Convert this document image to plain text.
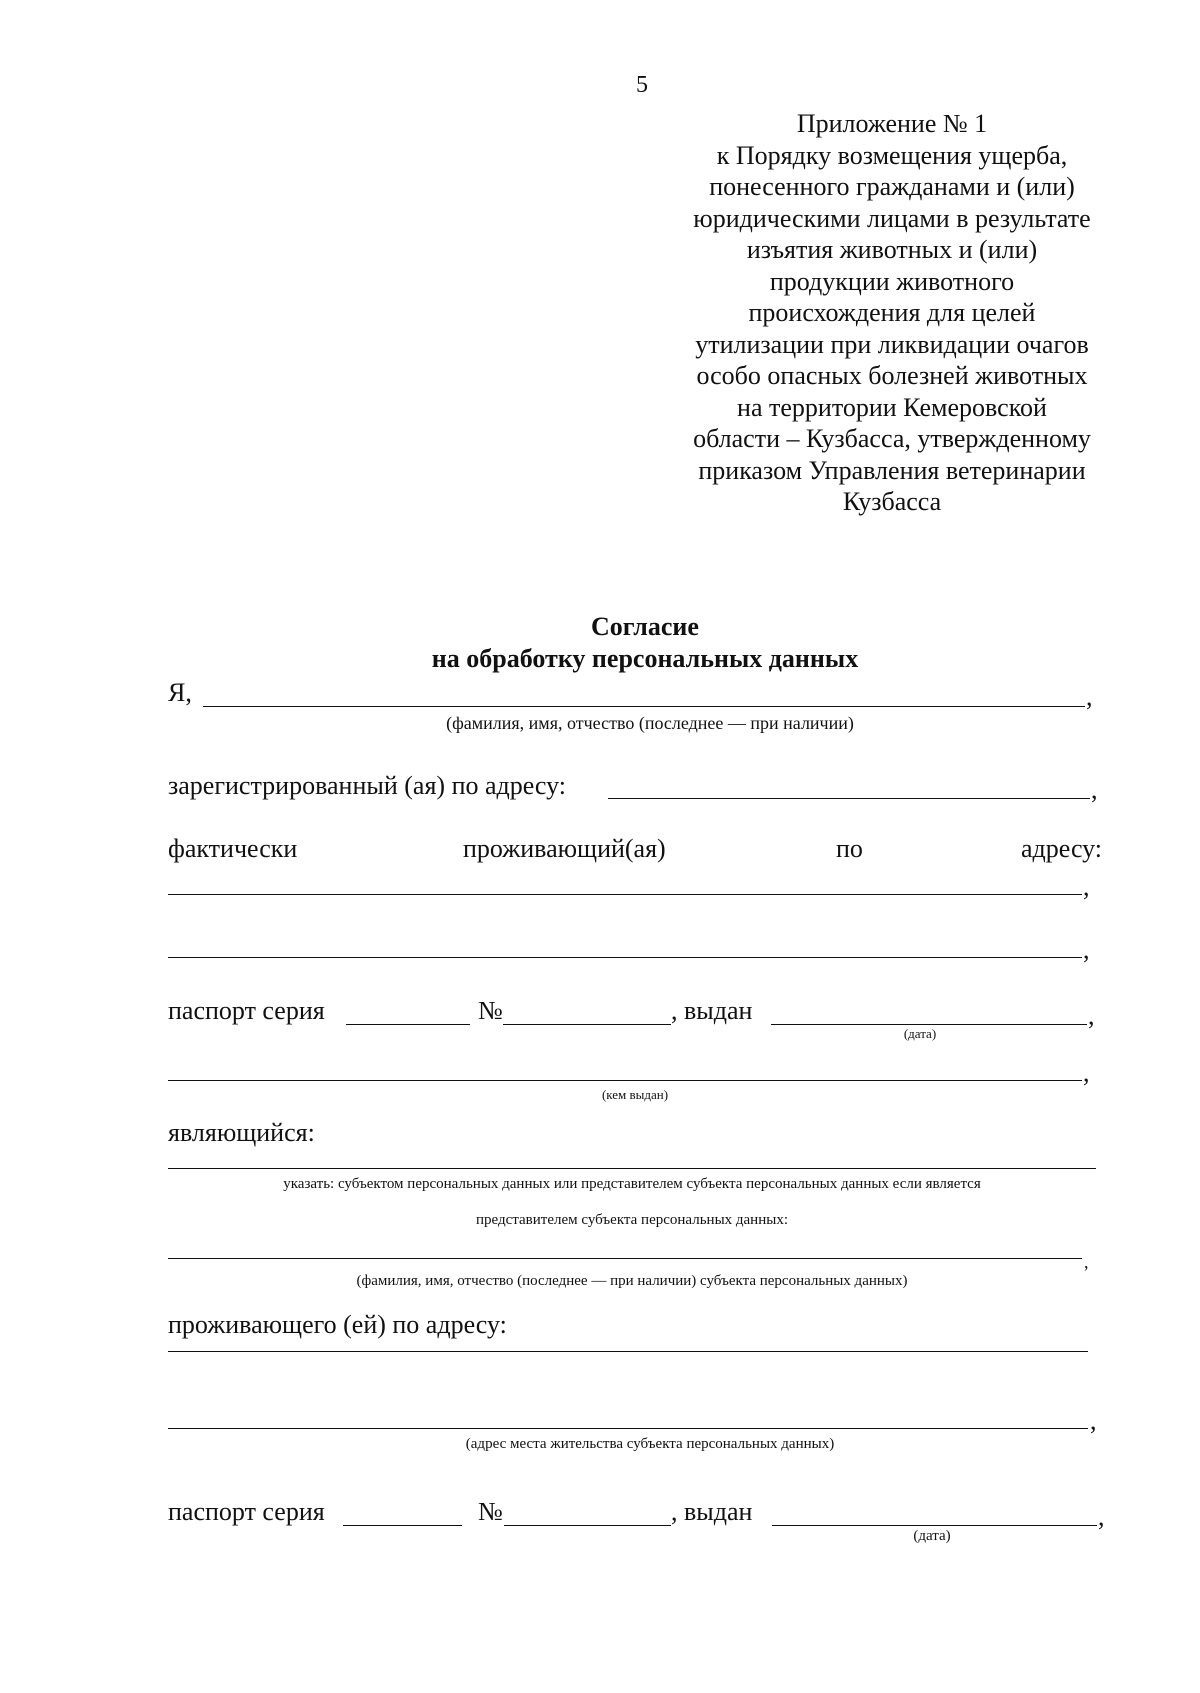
5
Приложение № 1
к Порядку возмещения ущерба,
понесенного гражданами и (или)
юридическими лицами в результате
изъятия животных и (или)
продукции животного
происхождения для целей
утилизации при ликвидации очагов
особо опасных болезней животных
на территории Кемеровской
области – Кузбасса, утвержденному
приказом Управления ветеринарии
Кузбасса
Согласие
на обработку персональных данных
Я,	,
(фамилия, имя, отчество (последнее — при наличии)
зарегистрированный (ая) по адресу:	,
фактически	проживающий(ая)	по	адресу:
,
,
паспорт серия	№	, выдан	,
(дата)
,
(кем выдан)
являющийся:
указать: субъектом персональных данных или представителем субъекта персональных данных если является
представителем субъекта персональных данных:
,
(фамилия, имя, отчество (последнее — при наличии) субъекта персональных данных)
проживающего (ей) по адресу:
,
(адрес места жительства субъекта персональных данных)
паспорт серия	№	, выдан	,
(дата)
